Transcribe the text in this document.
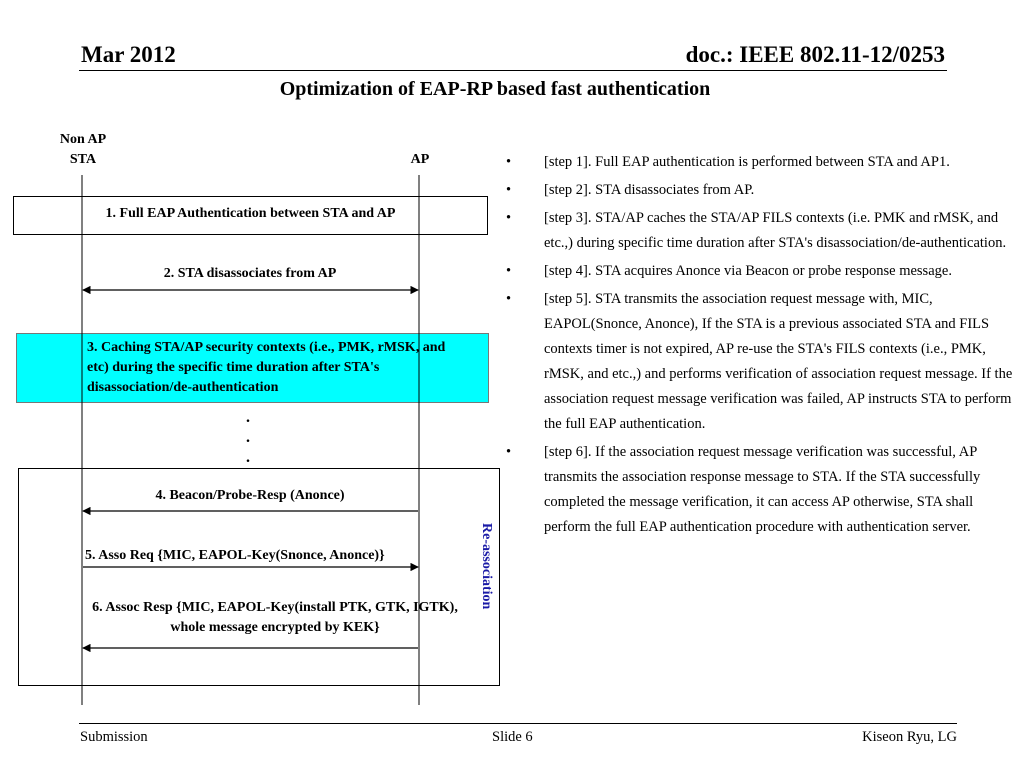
Mar 2012	doc.: IEEE 802.11-12/0253
Optimization of EAP-RP based fast authentication
Non AP
STA	AP
1. Full EAP Authentication between STA and AP
2. STA disassociates from AP
3. Caching STA/AP security contexts (i.e., PMK, rMSK, and etc) during the specific time duration after STA's disassociation/de-authentication
.
.
.
4. Beacon/Probe-Resp (Anonce)
5. Asso Req {MIC, EAPOL-Key(Snonce, Anonce)}
6. Assoc Resp {MIC, EAPOL-Key(install PTK, GTK, IGTK), whole message encrypted by KEK}
Re-association
• [step 1]. Full EAP authentication is performed between STA and AP1.
• [step 2]. STA disassociates from AP.
• [step 3]. STA/AP caches the STA/AP FILS contexts (i.e. PMK and rMSK, and etc.,) during specific time duration after STA's disassociation/de-authentication.
• [step 4]. STA acquires Anonce via Beacon or probe response message.
• [step 5]. STA transmits the association request message with, MIC, EAPOL(Snonce, Anonce), If the STA is a previous associated STA and FILS contexts timer is not expired, AP re-use the STA's FILS contexts (i.e., PMK, rMSK, and etc.,) and performs verification of association request message. If the association request message verification was failed, AP instructs STA to perform the full EAP authentication.
• [step 6]. If the association request message verification was successful, AP transmits the association response message to STA. If the STA successfully completed the message verification, it can access AP otherwise, STA shall perform the full EAP authentication procedure with authentication server.
Submission	Slide 6	Kiseon Ryu, LG
